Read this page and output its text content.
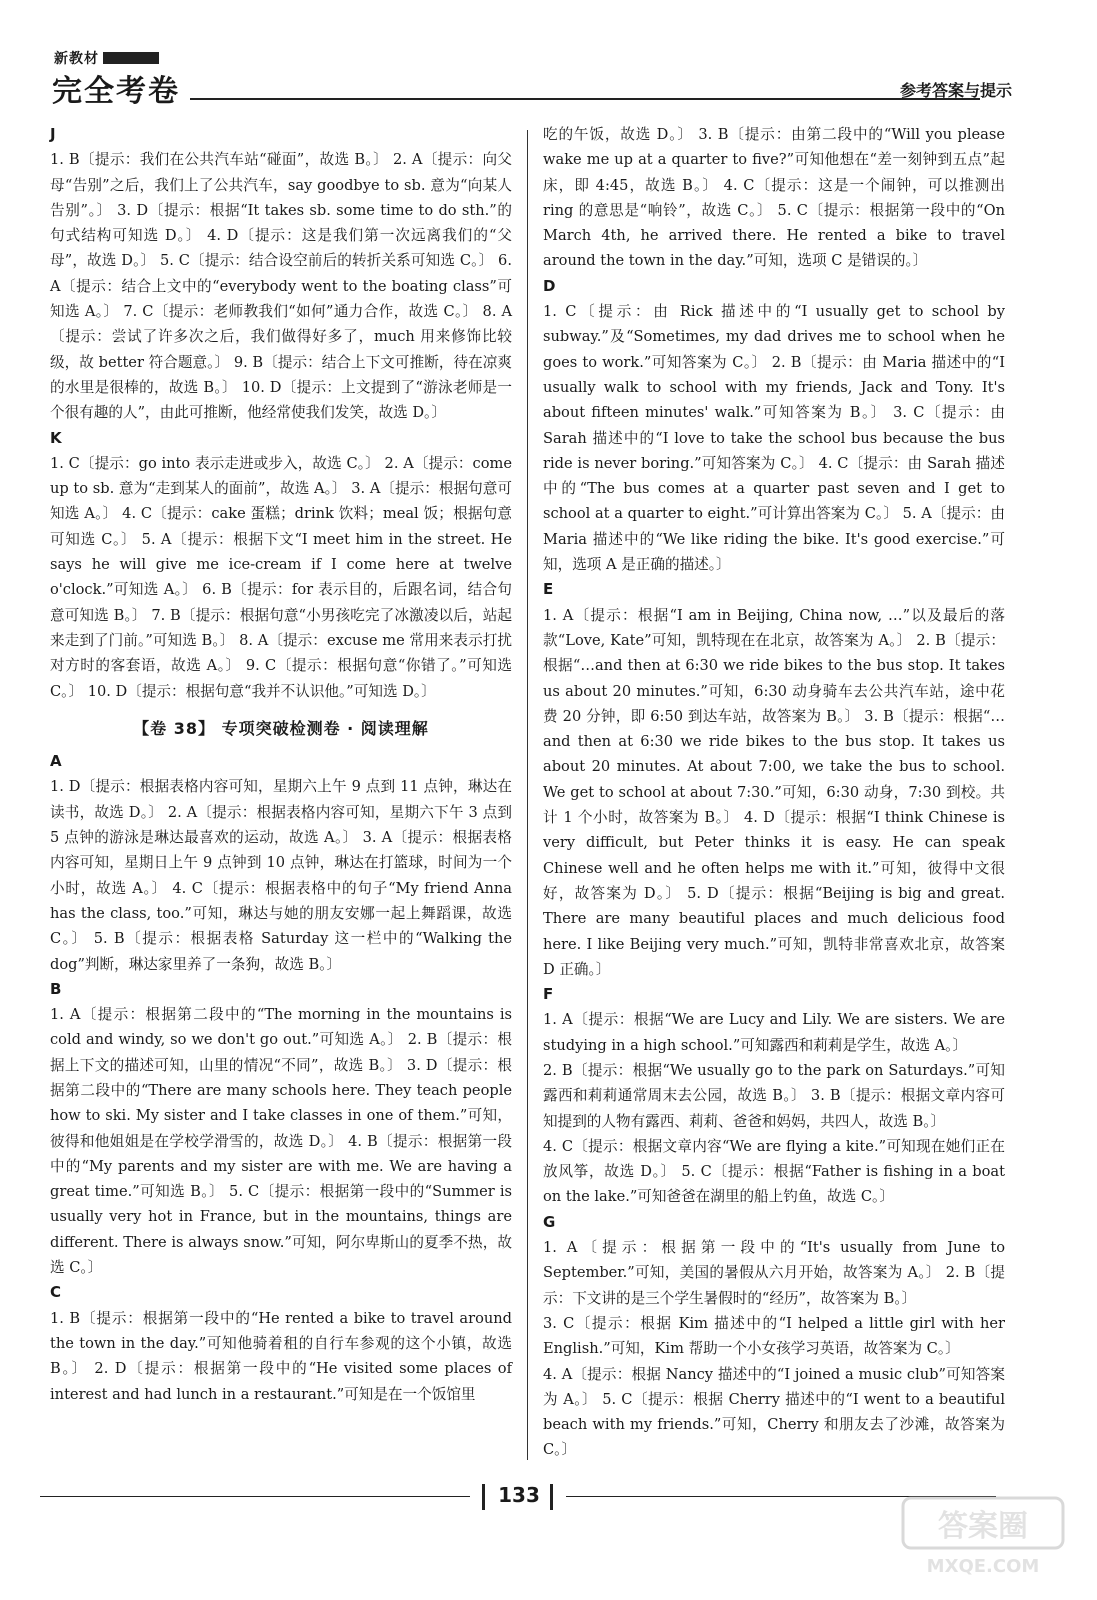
新教材
完全考卷	参考答案与提示

J

1. B〔提示：我们在公共汽车站“碰面”，故选 B。〕 2. A〔提示：向父母“告别”之后，我们上了公共汽车，say goodbye to sb. 意为“向某人告别”。〕 3. D〔提示：根据“It takes sb. some time to do sth.”的句式结构可知选 D。〕 4. D〔提示：这是我们第一次远离我们的“父母”，故选 D。〕 5. C〔提示：结合设空前后的转折关系可知选 C。〕 6. A〔提示：结合上文中的“everybody went to the boating class”可知选 A。〕 7. C〔提示：老师教我们“如何”通力合作，故选 C。〕 8. A〔提示：尝试了许多次之后，我们做得好多了，much 用来修饰比较级，故 better 符合题意。〕 9. B〔提示：结合上下文可推断，待在凉爽的水里是很棒的，故选 B。〕 10. D〔提示：上文提到了“游泳老师是一个很有趣的人”，由此可推断，他经常使我们发笑，故选 D。〕

K

1. C〔提示：go into 表示走进或步入，故选 C。〕 2. A〔提示：come up to sb. 意为“走到某人的面前”，故选 A。〕 3. A〔提示：根据句意可知选 A。〕 4. C〔提示：cake 蛋糕；drink 饮料；meal 饭；根据句意可知选 C。〕 5. A〔提示：根据下文“I meet him in the street. He says he will give me ice-cream if I come here at twelve o'clock.”可知选 A。〕 6. B〔提示：for 表示目的，后跟名词，结合句意可知选 B。〕 7. B〔提示：根据句意“小男孩吃完了冰激凌以后，站起来走到了门前。”可知选 B。〕 8. A〔提示：excuse me 常用来表示打扰对方时的客套语，故选 A。〕 9. C〔提示：根据句意“你错了。”可知选 C。〕 10. D〔提示：根据句意“我并不认识他。”可知选 D。〕

【卷 38】 专项突破检测卷 · 阅读理解

A

1. D〔提示：根据表格内容可知，星期六上午 9 点到 11 点钟，琳达在读书，故选 D。〕 2. A〔提示：根据表格内容可知，星期六下午 3 点到 5 点钟的游泳是琳达最喜欢的运动，故选 A。〕 3. A〔提示：根据表格内容可知，星期日上午 9 点钟到 10 点钟，琳达在打篮球，时间为一个小时，故选 A。〕 4. C〔提示：根据表格中的句子“My friend Anna has the class, too.”可知，琳达与她的朋友安娜一起上舞蹈课，故选 C。〕 5. B〔提示：根据表格 Saturday 这一栏中的“Walking the dog”判断，琳达家里养了一条狗，故选 B。〕

B

1. A〔提示：根据第二段中的“The morning in the mountains is cold and windy, so we don't go out.”可知选 A。〕 2. B〔提示：根据上下文的描述可知，山里的情况“不同”，故选 B。〕 3. D〔提示：根据第二段中的“There are many schools here. They teach people how to ski. My sister and I take classes in one of them.”可知，彼得和他姐姐是在学校学滑雪的，故选 D。〕 4. B〔提示：根据第一段中的“My parents and my sister are with me. We are having a great time.”可知选 B。〕 5. C〔提示：根据第一段中的“Summer is usually very hot in France, but in the mountains, things are different. There is always snow.”可知，阿尔卑斯山的夏季不热，故选 C。〕

C

1. B〔提示：根据第一段中的“He rented a bike to travel around the town in the day.”可知他骑着租的自行车参观的这个小镇，故选 B。〕 2. D〔提示：根据第一段中的“He visited some places of interest and had lunch in a restaurant.”可知是在一个饭馆里

吃的午饭，故选 D。〕 3. B〔提示：由第二段中的“Will you please wake me up at a quarter to five?”可知他想在“差一刻钟到五点”起床，即 4:45，故选 B。〕 4. C〔提示：这是一个闹钟，可以推测出 ring 的意思是“响铃”，故选 C。〕 5. C〔提示：根据第一段中的“On March 4th, he arrived there. He rented a bike to travel around the town in the day.”可知，选项 C 是错误的。〕

D

1. C〔提示：由 Rick 描述中的“I usually get to school by subway.”及“Sometimes, my dad drives me to school when he goes to work.”可知答案为 C。〕 2. B〔提示：由 Maria 描述中的“I usually walk to school with my friends, Jack and Tony. It's about fifteen minutes' walk.”可知答案为 B。〕 3. C〔提示：由 Sarah 描述中的“I love to take the school bus because the bus ride is never boring.”可知答案为 C。〕 4. C〔提示：由 Sarah 描述中的“The bus comes at a quarter past seven and I get to school at a quarter to eight.”可计算出答案为 C。〕 5. A〔提示：由 Maria 描述中的“We like riding the bike. It's good exercise.”可知，选项 A 是正确的描述。〕

E

1. A〔提示：根据“I am in Beijing, China now, …”以及最后的落款“Love, Kate”可知，凯特现在在北京，故答案为 A。〕 2. B〔提示：根据“…and then at 6:30 we ride bikes to the bus stop. It takes us about 20 minutes.”可知，6:30 动身骑车去公共汽车站，途中花费 20 分钟，即 6:50 到达车站，故答案为 B。〕 3. B〔提示：根据“…and then at 6:30 we ride bikes to the bus stop. It takes us about 20 minutes. At about 7:00, we take the bus to school. We get to school at about 7:30.”可知，6:30 动身，7:30 到校。共计 1 个小时，故答案为 B。〕 4. D〔提示：根据“I think Chinese is very difficult, but Peter thinks it is easy. He can speak Chinese well and he often helps me with it.”可知，彼得中文很好，故答案为 D。〕 5. D〔提示：根据“Beijing is big and great. There are many beautiful places and much delicious food here. I like Beijing very much.”可知，凯特非常喜欢北京，故答案 D 正确。〕

F

1. A〔提示：根据“We are Lucy and Lily. We are sisters. We are studying in a high school.”可知露西和莉莉是学生，故选 A。〕

2. B〔提示：根据“We usually go to the park on Saturdays.”可知露西和莉莉通常周末去公园，故选 B。〕 3. B〔提示：根据文章内容可知提到的人物有露西、莉莉、爸爸和妈妈，共四人，故选 B。〕

4. C〔提示：根据文章内容“We are flying a kite.”可知现在她们正在放风筝，故选 D。〕 5. C〔提示：根据“Father is fishing in a boat on the lake.”可知爸爸在湖里的船上钓鱼，故选 C。〕

G

1. A〔提示：根据第一段中的“It's usually from June to September.”可知，美国的暑假从六月开始，故答案为 A。〕 2. B〔提示：下文讲的是三个学生暑假时的“经历”，故答案为 B。〕

3. C〔提示：根据 Kim 描述中的“I helped a little girl with her English.”可知，Kim 帮助一个小女孩学习英语，故答案为 C。〕

4. A〔提示：根据 Nancy 描述中的“I joined a music club”可知答案为 A。〕 5. C〔提示：根据 Cherry 描述中的“I went to a beautiful beach with my friends.”可知，Cherry 和朋友去了沙滩，故答案为 C。〕

133
答案圈
MXQE.COM
